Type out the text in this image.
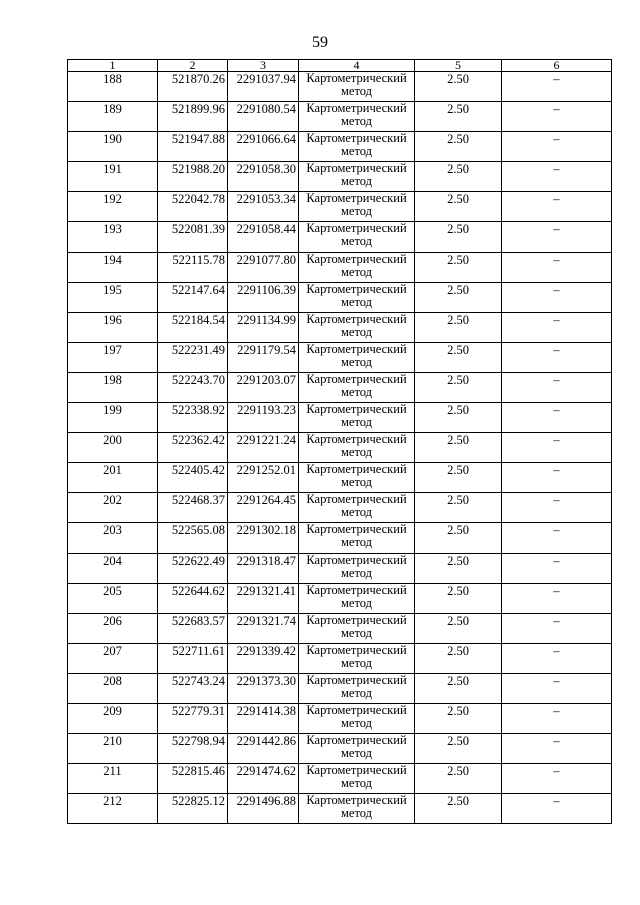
59
1	2	3	4	5	6
188	521870.26	2291037.94	Картометрический метод	2.50	–
189	521899.96	2291080.54	Картометрический метод	2.50	–
190	521947.88	2291066.64	Картометрический метод	2.50	–
191	521988.20	2291058.30	Картометрический метод	2.50	–
192	522042.78	2291053.34	Картометрический метод	2.50	–
193	522081.39	2291058.44	Картометрический метод	2.50	–
194	522115.78	2291077.80	Картометрический метод	2.50	–
195	522147.64	2291106.39	Картометрический метод	2.50	–
196	522184.54	2291134.99	Картометрический метод	2.50	–
197	522231.49	2291179.54	Картометрический метод	2.50	–
198	522243.70	2291203.07	Картометрический метод	2.50	–
199	522338.92	2291193.23	Картометрический метод	2.50	–
200	522362.42	2291221.24	Картометрический метод	2.50	–
201	522405.42	2291252.01	Картометрический метод	2.50	–
202	522468.37	2291264.45	Картометрический метод	2.50	–
203	522565.08	2291302.18	Картометрический метод	2.50	–
204	522622.49	2291318.47	Картометрический метод	2.50	–
205	522644.62	2291321.41	Картометрический метод	2.50	–
206	522683.57	2291321.74	Картометрический метод	2.50	–
207	522711.61	2291339.42	Картометрический метод	2.50	–
208	522743.24	2291373.30	Картометрический метод	2.50	–
209	522779.31	2291414.38	Картометрический метод	2.50	–
210	522798.94	2291442.86	Картометрический метод	2.50	–
211	522815.46	2291474.62	Картометрический метод	2.50	–
212	522825.12	2291496.88	Картометрический метод	2.50	–
